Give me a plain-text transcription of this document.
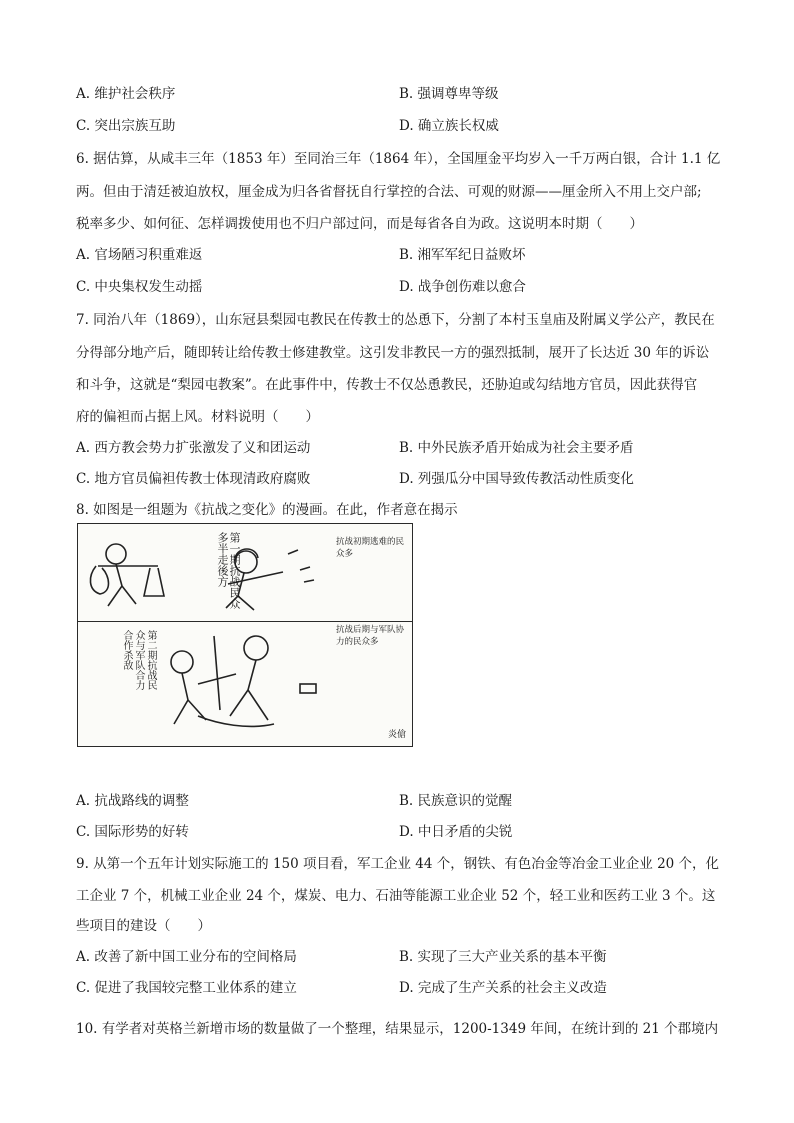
A. 维护社会秩序	B. 强调尊卑等级
C. 突出宗族互助	D. 确立族长权威
6. 据估算，从咸丰三年（1853 年）至同治三年（1864 年），全国厘金平均岁入一千万两白银，合计 1.1 亿
两。但由于清廷被迫放权，厘金成为归各省督抚自行掌控的合法、可观的财源——厘金所入不用上交户部;
税率多少、如何征、怎样调拨使用也不归户部过问，而是每省各自为政。这说明本时期（　　）
A. 官场陋习积重难返	B. 湘军军纪日益败坏
C. 中央集权发生动摇	D. 战争创伤难以愈合
7. 同治八年（1869），山东冠县梨园屯教民在传教士的怂恿下，分割了本村玉皇庙及附属义学公产，教民在
分得部分地产后，随即转让给传教士修建教堂。这引发非教民一方的强烈抵制，展开了长达近 30 年的诉讼
和斗争，这就是“梨园屯教案”。在此事件中，传教士不仅怂恿教民，还胁迫或勾结地方官员，因此获得官
府的偏袒而占据上风。材料说明（　　）
A. 西方教会势力扩张激发了义和团运动	B. 中外民族矛盾开始成为社会主要矛盾
C. 地方官员偏袒传教士体现清政府腐败	D. 列强瓜分中国导致传教活动性质变化
8. 如图是一组题为《抗战之变化》的漫画。在此，作者意在揭示
第一期抗战民众多半走後方
第二期抗战民众与军队合力合作杀敌
抗战初期逃难的民众多
抗战后期与军队协力的民众多
炎傖
A. 抗战路线的调整	B. 民族意识的觉醒
C. 国际形势的好转	D. 中日矛盾的尖锐
9. 从第一个五年计划实际施工的 150 项目看，军工企业 44 个，钢铁、有色冶金等冶金工业企业 20 个，化
工企业 7 个，机械工业企业 24 个，煤炭、电力、石油等能源工业企业 52 个，轻工业和医药工业 3 个。这
些项目的建设（　　）
A. 改善了新中国工业分布的空间格局	B. 实现了三大产业关系的基本平衡
C. 促进了我国较完整工业体系的建立	D. 完成了生产关系的社会主义改造
10. 有学者对英格兰新增市场的数量做了一个整理，结果显示，1200-1349 年间，在统计到的 21 个郡境内
